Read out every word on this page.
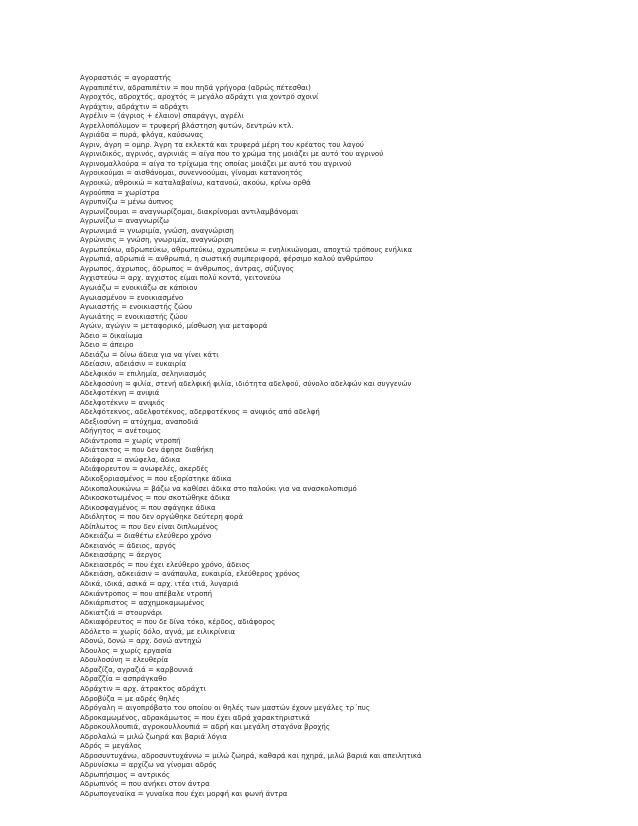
Αγοραστιός = αγοραστής
Αγραπιπέτιν, αδραπιπέτιν = που πηδά γρήγορα (αδρώς πέτεσθαι)
Αγροχτός, αδροχτός, αροχτός = μεγάλο αδράχτι για χοντρό σχοινί
Αγράχτιν, αδράχτιν = αδράχτι
Αγρέλιν = (άγριος + έλαιον) σπαράγγι, αγρέλι
Αγρελλοπόλυμον = τρυφερή βλάστηση φυτών, δεντρών κτλ.
Αγριάδα = πυρά, φλόγα, καύσωνας
Αγριν, άγρη = ομηρ. Άγρη τα εκλεκτά και τρυφερά μέρη του κρέατος του λαγού
Αγρινιδικός, αγρινός, αγρινιάς = αίγα που το χρώμα της μοιάζει με αυτό του αγρινού
Αγρινομαλλούρα = αίγα το τρίχωμα της οποίας μοιάζει με αυτό του αγρινού
Αγροικούμαι = αισθάνομαι, συνεννοούμαι, γίνομαι κατανοητός
Αγροικώ, αθροικώ = καταλαβαίνω, κατανοώ, ακούω, κρίνω ορθά
Αγρούππα = χωρίστρα
Αγρυπνίζω = μένω άυπνος
Αγρωνίζουμαι = αναγνωρίζομαι, διακρίνομαι αντιλαμβάνομαι
Αγρωνίζω = αναγνωρίζω
Αγρωνιμιά = γνωριμία, γνώση, αναγνώριση
Αγρώνισις = γνώση, γνωριμία, αναγνώριση
Αγρωπεύκω, αδρωπεύκω, αθρωπεύκω, αχρωπεύκω = ενηλικιώνομαι, αποχτώ τρόπους ενήλικα
Αγρωπιά, αδρωπιά = ανθρωπιά, η σωστική συμπεριφορά, φέρσιμο καλού ανθρώπου
Αγρωπος, άχρωπος, άδρωπος = άνθρωπος, άντρας, σύζυγος
Αγχιστεύω = αρχ. αγχιστος είμαι πολύ κοντά, γειτονεύω
Αγωιάζω = ενοικιάζω σε κάποιον
Αγωιασμένον = ενοικιασμένο
Αγωιαστής = ενοικιαστής ζώου
Αγωιάτης = ενοικιαστής ζώου
Αγώιν, αγώγιν = μεταφορικό, μίσθωση για μεταφορά
Άδειο = δικαίωμα
Άδειο = άπειρο
Αδειάζω = δίνω άδεια για να γίνει κάτι
Αδείασιν, αδειάσιν = ευκαιρία
Αδελφικόν = επιλημία, σεληνιασμός
Αδελφοσύνη = φιλία, στενή αδελφική φιλία, ιδιότητα αδελφού, σύνολο αδελφών και συγγενών
Αδελφοτέκνη = ανιψιά
Αδελφοτέκνιν = ανιψιός
Αδελφότεκνος, αδελφοτέκνος, αδερφοτέκνος = ανιψιός από αδελφή
Αδεξιοσύνη = ατύχημα, αναποδιά
Αδήγητος = ανέτοιμος
Αδιάντροπα = χωρίς ντροπή
Αδιάτακτος = που δεν άφησε διαθήκη
Αδιάφορα = ανώφελα, άδικα
Αδιάφορευτον = ανωφελές, ακερδές
Αδικοξοριασμένος = που εξορίστηκε άδικα
Αδικοπαλουκώνω = βάζω να καθίσει άδικα στο παλούκι για να ανασκολοπισμό
Αδικοσκοτωμένος = που σκοτώθηκε άδικα
Αδικοσφαγμένος = που σφάγηκε άδικα
Αδιόλητος = που δεν οργώθηκε δεύτερη φορά
Αδίπλωτος = που δεν είναι διπλωμένος
Αδκειάζω = διαθέτω ελεύθερο χρόνο
Αδκειανός = άδειος, αργός
Αδκειασάρης = άεργος
Αδκειασερός = που έχει ελεύθερο χρόνο, άδειος
Αδκειάση, αδκειάσιν = ανάπαυλα, ευκαιρία, ελεύθερος χρόνος
Αδικά, ιδικά, ασικά = αρχ. ιτέα ιτιά, λυγαριά
Αδκιάντροπος = που απέβαλε ντροπή
Αδκιάρπιστος = ασχημοκαμωμένος
Αδκιατζιά = στουρνάρι
Αδκιαφόρευτος = που δε δίνα τόκο, κέρδος, αδιάφορος
Αδόλετο = χωρίς δόλο, αγνά, με ειλικρίνεια
Αδονώ, δονώ = αρχ. δονώ αντηχώ
Άδουλος = χωρίς εργασία
Αδουλοσύνη = ελευθερία
Αδραζίζα, αγραζιά = καρβουνιά
Αδραζζία = ασπράγκαθο
Αδράχτιν = αρχ. άτρακτος αδράχτι
Αδροβύζα = με αδρές θηλές
Αδρόγαλη = αιγοπρόβατο του οποίου οι θηλές των μαστών έχουν μεγάλες τρ΄πυς
Αδροκαμωμένος, αδρακάμωτος = που έχει αδρά χαρακτηριστικά
Αδροκουλλουπιά, αγροκουλλουπιά = αδρή και μεγάλη σταγόνα βροχής
Αδρολαλώ = μιλώ ζωηρά και βαριά λόγια
Αδρός = μεγάλος
Αδροσυντυχάνω, αδροσυντυχάννω = μιλώ ζωηρά, καθαρά και ηχηρά, μιλώ βαριά και απειλητικά
Αδρυνίσκω = αρχίζω να γίνομαι αδρός
Αδρωπήσιμος = αντρικός
Αδρωπινός = που ανήκει στον άντρα
Αδρωπογεναίκα = γυναίκα που έχει μορφή και φωνή άντρα
